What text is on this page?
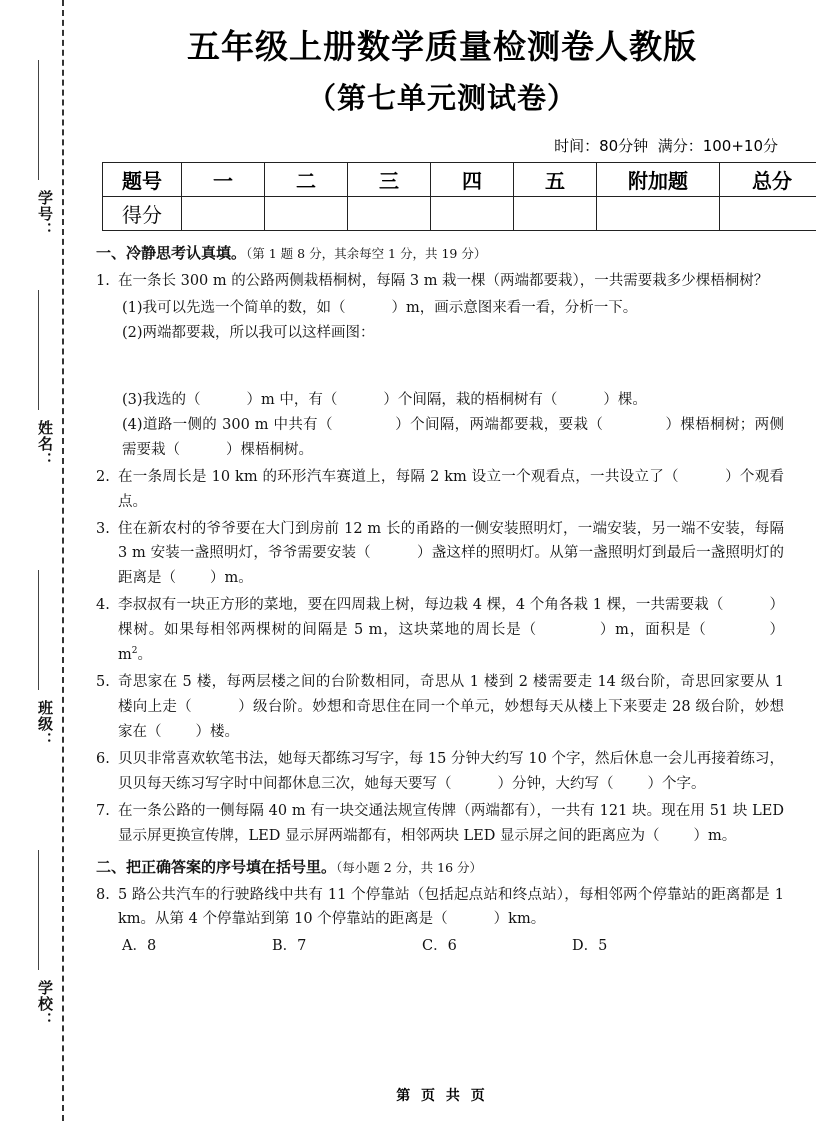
学号：
姓名：
班级：
学校：
五年级上册数学质量检测卷人教版
（第七单元测试卷）
时间：80分钟  满分：100+10分
题号	一	二	三	四	五	附加题	总分
得分							
一、冷静思考认真填。（第 1 题 8 分，其余每空 1 分，共 19 分）
1. 在一条长 300 m 的公路两侧栽梧桐树，每隔 3 m 栽一棵（两端都要栽），一共需要栽多少棵梧桐树？
(1)我可以先选一个简单的数，如（	）m，画示意图来看一看，分析一下。
(2)两端都要栽，所以我可以这样画图：
(3)我选的（	）m 中，有（	）个间隔，栽的梧桐树有（	）棵。
(4)道路一侧的 300 m 中共有（	）个间隔，两端都要栽，要栽（	）棵梧桐树；两侧需要栽（	）棵梧桐树。
2. 在一条周长是 10 km 的环形汽车赛道上，每隔 2 km 设立一个观看点，一共设立了（	）个观看点。
3. 住在新农村的爷爷要在大门到房前 12 m 长的甬路的一侧安装照明灯，一端安装，另一端不安装，每隔 3 m 安装一盏照明灯，爷爷需要安装（	）盏这样的照明灯。从第一盏照明灯到最后一盏照明灯的距离是（ ）m。
4. 李叔叔有一块正方形的菜地，要在四周栽上树，每边栽 4 棵，4 个角各栽 1 棵，一共需要栽（	）棵树。如果每相邻两棵树的间隔是 5 m，这块菜地的周长是（	）m，面积是（	）$m^2$。
5. 奇思家在 5 楼，每两层楼之间的台阶数相同，奇思从 1 楼到 2 楼需要走 14 级台阶，奇思回家要从 1 楼向上走（	）级台阶。妙想和奇思住在同一个单元，妙想每天从楼上下来要走 28 级台阶，妙想家在（ ）楼。
6. 贝贝非常喜欢软笔书法，她每天都练习写字，每 15 分钟大约写 10 个字，然后休息一会儿再接着练习，贝贝每天练习写字时中间都休息三次，她每天要写（	）分钟，大约写（ ）个字。
7. 在一条公路的一侧每隔 40 m 有一块交通法规宣传牌（两端都有），一共有 121 块。现在用 51 块 LED 显示屏更换宣传牌，LED 显示屏两端都有，相邻两块 LED 显示屏之间的距离应为（ ）m。
二、把正确答案的序号填在括号里。（每小题 2 分，共 16 分）
8. 5 路公共汽车的行驶路线中共有 11 个停靠站（包括起点站和终点站），每相邻两个停靠站的距离都是 1 km。从第 4 个停靠站到第 10 个停靠站的距离是（	）km。
A．8	B．7	C．6	D．5
第 页 共 页
